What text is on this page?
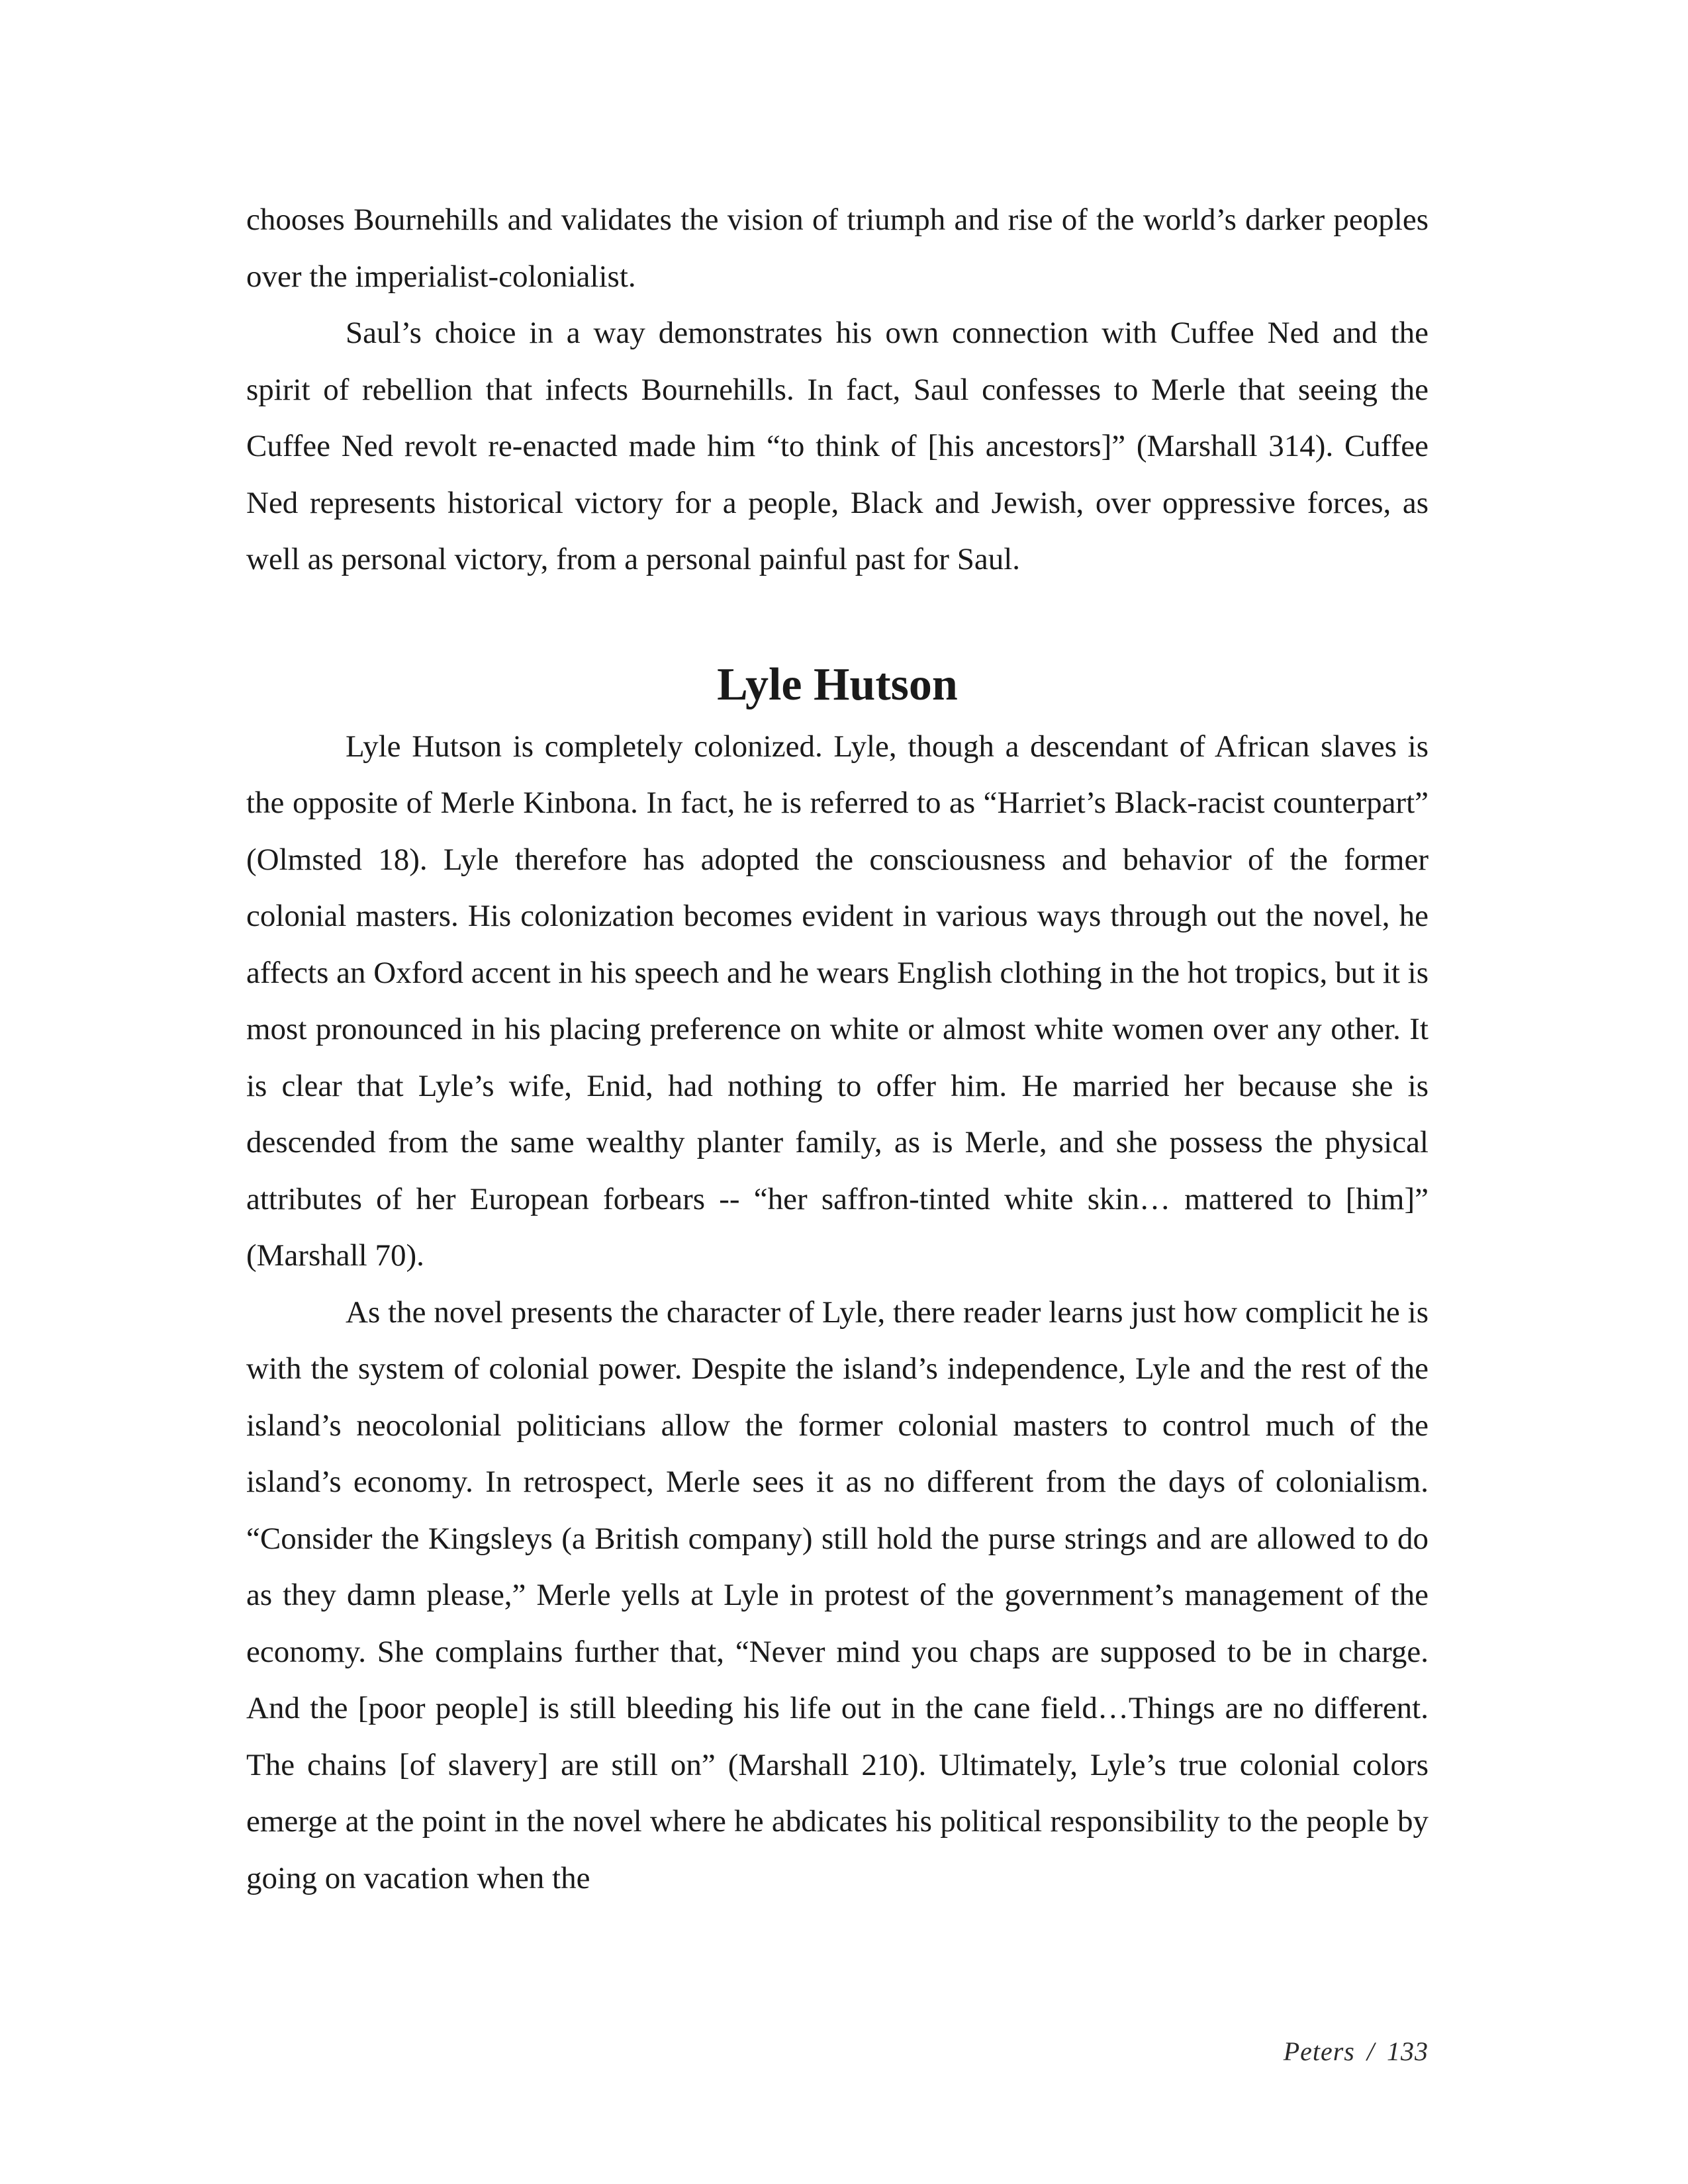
chooses Bournehills and validates the vision of triumph and rise of the world’s darker peoples over the imperialist-colonialist.

Saul’s choice in a way demonstrates his own connection with Cuffee Ned and the spirit of rebellion that infects Bournehills. In fact, Saul confesses to Merle that seeing the Cuffee Ned revolt re-enacted made him “to think of [his ancestors]” (Marshall 314). Cuffee Ned represents historical victory for a people, Black and Jewish, over oppressive forces, as well as personal victory, from a personal painful past for Saul.

Lyle Hutson

Lyle Hutson is completely colonized. Lyle, though a descendant of African slaves is the opposite of Merle Kinbona. In fact, he is referred to as “Harriet’s Black-racist counterpart” (Olmsted 18). Lyle therefore has adopted the consciousness and behavior of the former colonial masters. His colonization becomes evident in various ways through out the novel, he affects an Oxford accent in his speech and he wears English clothing in the hot tropics, but it is most pronounced in his placing preference on white or almost white women over any other. It is clear that Lyle’s wife, Enid, had nothing to offer him. He married her because she is descended from the same wealthy planter family, as is Merle, and she possess the physical attributes of her European forbears -- “her saffron-tinted white skin… mattered to [him]” (Marshall 70).

As the novel presents the character of Lyle, there reader learns just how complicit he is with the system of colonial power. Despite the island’s independence, Lyle and the rest of the island’s neocolonial politicians allow the former colonial masters to control much of the island’s economy. In retrospect, Merle sees it as no different from the days of colonialism. “Consider the Kingsleys (a British company) still hold the purse strings and are allowed to do as they damn please,” Merle yells at Lyle in protest of the government’s management of the economy. She complains further that, “Never mind you chaps are supposed to be in charge. And the [poor people] is still bleeding his life out in the cane field…Things are no different. The chains [of slavery] are still on” (Marshall 210). Ultimately, Lyle’s true colonial colors emerge at the point in the novel where he abdicates his political responsibility to the people by going on vacation when the

Peters / 133
